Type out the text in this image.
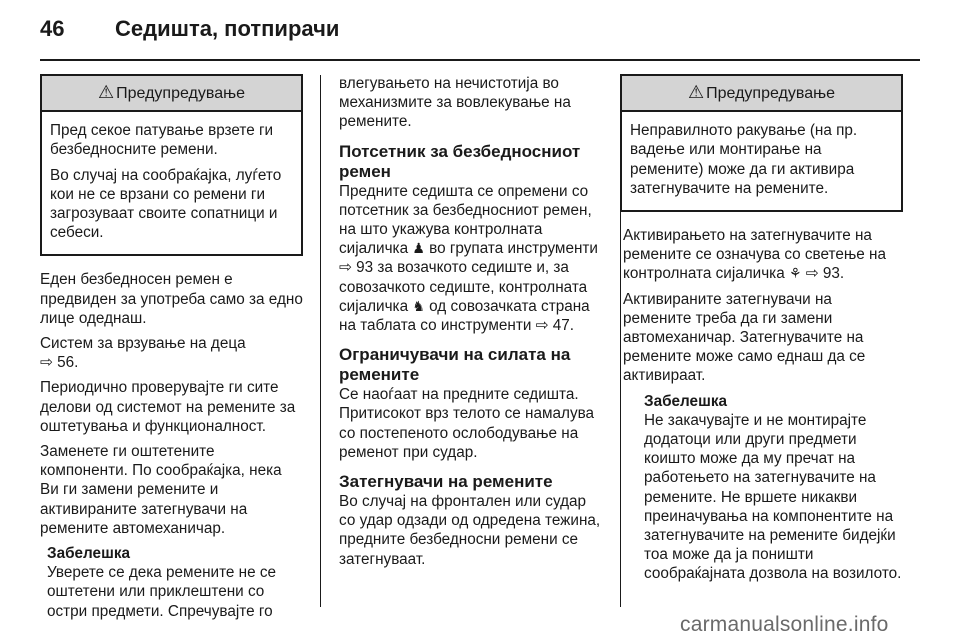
46 Седишта, потпирачи
⚠ Предупредување

Пред секое патување врзете ги безбедносните ремени.

Во случај на сообраќајка, луѓето кои не се врзани со ремени ги загрозуваат своите сопатници и себеси.

Еден безбедносен ремен е предвиден за употреба само за едно лице одеднаш.

Систем за врзување на деца
⇨ 56.

Периодично проверувајте ги сите делови од системот на ремените за оштетувања и функционалност.

Заменете ги оштетените компоненти. По сообраќајка, нека Ви ги замени ремените и активираните затегнувачи на ремените автомеханичар.

Забелешка
Уверете се дека ремените не се оштетени или приклештени со остри предмети. Спречувајте го

влегувањето на нечистотија во механизмите за вовлекување на ремените.

Потсетник за безбедносниот ремен

Предните седишта се опремени со потсетник за безбедносниот ремен, на што укажува контролната сијаличка ♟ во групата инструменти ⇨ 93 за возачкото седиште и, за совозачкото седиште, контролната сијаличка ♞ од совозачката страна на таблата со инструменти ⇨ 47.

Ограничувачи на силата на ремените

Се наоѓаат на предните седишта. Притисокот врз телото се намалува со постепеното ослободување на ременот при судар.

Затегнувачи на ремените

Во случај на фронтален или судар со удар одзади од одредена тежина, предните безбедносни ремени се затегнуваат.

⚠ Предупредување

Неправилното ракување (на пр. вадење или монтирање на ремените) може да ги активира затегнувачите на ремените.

Активирањето на затегнувачите на ремените се означува со светење на контролната сијаличка ⚘ ⇨ 93.

Активираните затегнувачи на ремените треба да ги замени автомеханичар. Затегнувачите на ремените може само еднаш да се активираат.

Забелешка
Не закачувајте и не монтирајте додатоци или други предмети коишто може да му пречат на работењето на затегнувачите на ремените. Не вршете никакви преиначувања на компонентите на затегнувачите на ремените бидејќи тоа може да ја поништи сообраќајната дозвола на возилото.
carmanualsonline.info
